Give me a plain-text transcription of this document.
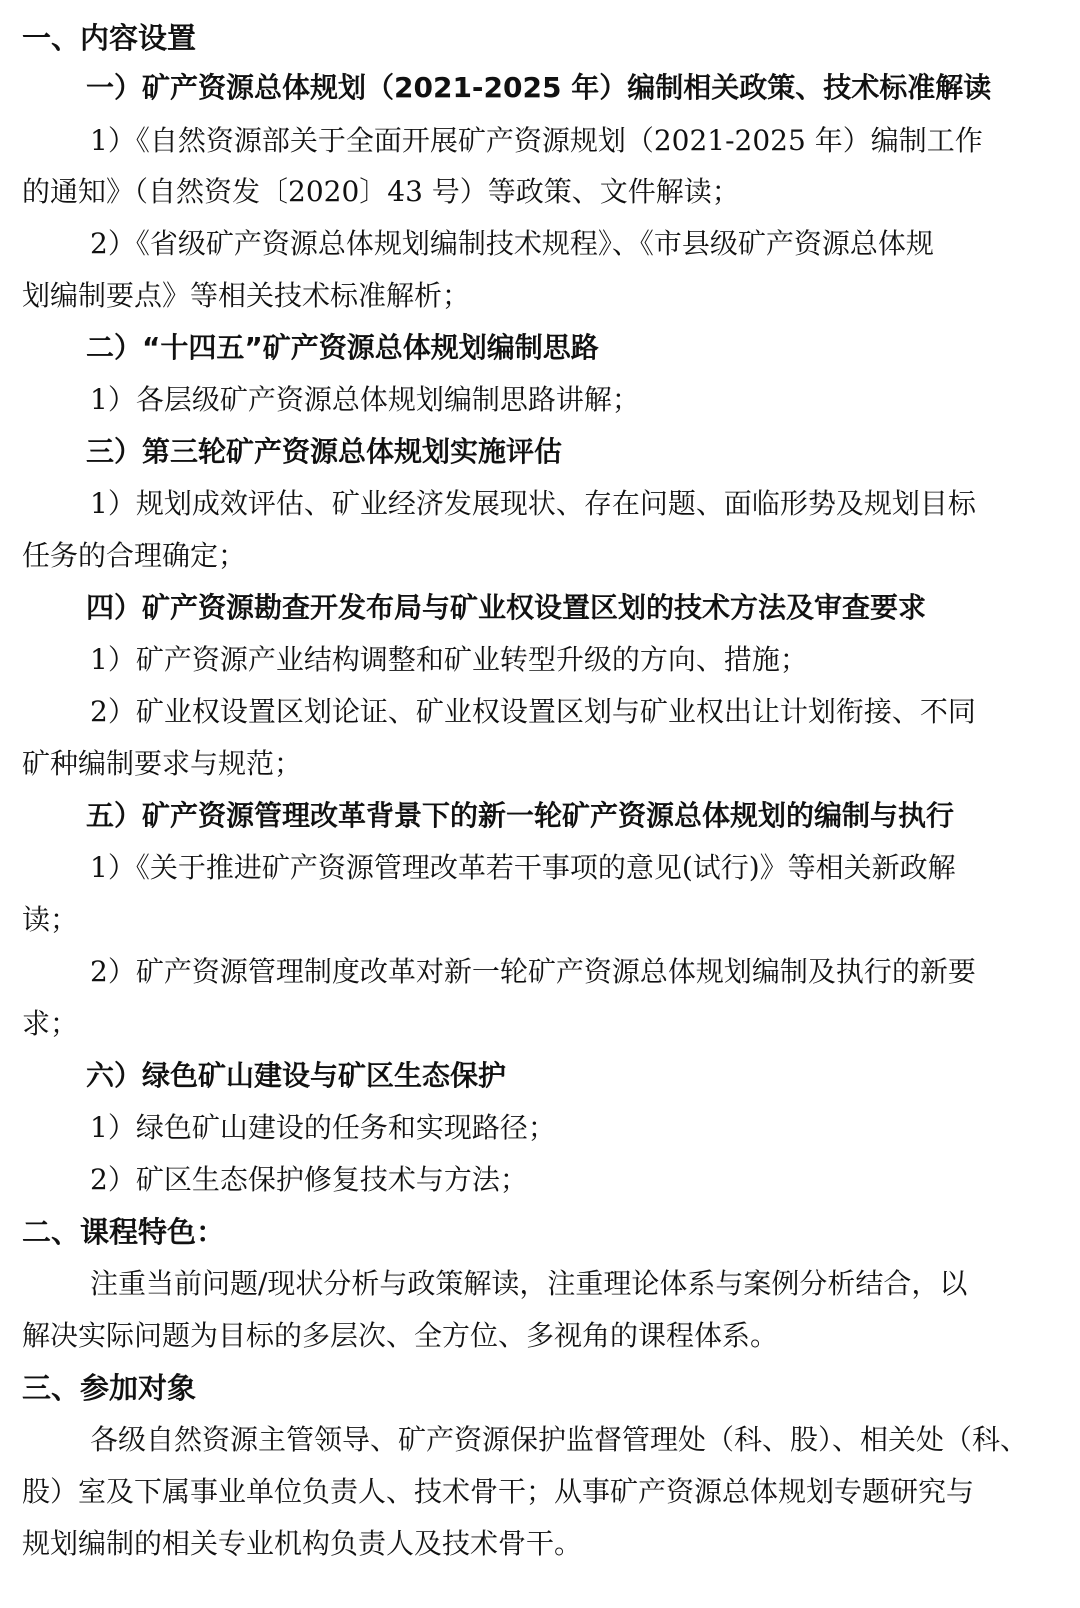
一、内容设置
一）矿产资源总体规划（2021-2025 年）编制相关政策、技术标准解读
1）《自然资源部关于全面开展矿产资源规划（2021-2025 年）编制工作
的通知》（自然资发〔2020〕43 号）等政策、文件解读；
2）《省级矿产资源总体规划编制技术规程》、《市县级矿产资源总体规
划编制要点》等相关技术标准解析；
二）“十四五”矿产资源总体规划编制思路
1）各层级矿产资源总体规划编制思路讲解；
三）第三轮矿产资源总体规划实施评估
1）规划成效评估、矿业经济发展现状、存在问题、面临形势及规划目标
任务的合理确定；
四）矿产资源勘查开发布局与矿业权设置区划的技术方法及审查要求
1）矿产资源产业结构调整和矿业转型升级的方向、措施；
2）矿业权设置区划论证、矿业权设置区划与矿业权出让计划衔接、不同
矿种编制要求与规范；
五）矿产资源管理改革背景下的新一轮矿产资源总体规划的编制与执行
1）《关于推进矿产资源管理改革若干事项的意见(试行)》等相关新政解
读；
2）矿产资源管理制度改革对新一轮矿产资源总体规划编制及执行的新要
求；
六）绿色矿山建设与矿区生态保护
1）绿色矿山建设的任务和实现路径；
2）矿区生态保护修复技术与方法；
二、课程特色：
注重当前问题/现状分析与政策解读，注重理论体系与案例分析结合，以
解决实际问题为目标的多层次、全方位、多视角的课程体系。
三、参加对象
各级自然资源主管领导、矿产资源保护监督管理处（科、股）、相关处（科、
股）室及下属事业单位负责人、技术骨干；从事矿产资源总体规划专题研究与
规划编制的相关专业机构负责人及技术骨干。
